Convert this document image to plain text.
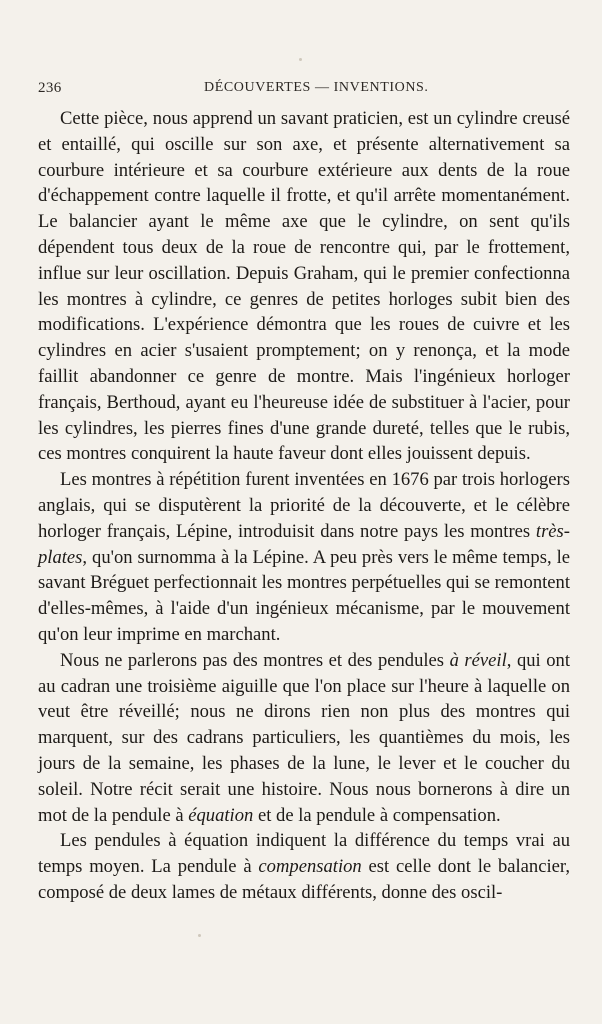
236	DÉCOUVERTES — INVENTIONS.

Cette pièce, nous apprend un savant praticien, est un cylindre creusé et entaillé, qui oscille sur son axe, et présente alternativement sa courbure intérieure et sa courbure extérieure aux dents de la roue d'échappement contre laquelle il frotte, et qu'il arrête momentanément. Le balancier ayant le même axe que le cylindre, on sent qu'ils dépendent tous deux de la roue de rencontre qui, par le frottement, influe sur leur oscillation. Depuis Graham, qui le premier confectionna les montres à cylindre, ce genres de petites horloges subit bien des modifications. L'expérience démontra que les roues de cuivre et les cylindres en acier s'usaient promptement; on y renonça, et la mode faillit abandonner ce genre de montre. Mais l'ingénieux horloger français, Berthoud, ayant eu l'heureuse idée de substituer à l'acier, pour les cylindres, les pierres fines d'une grande dureté, telles que le rubis, ces montres conquirent la haute faveur dont elles jouissent depuis.

Les montres à répétition furent inventées en 1676 par trois horlogers anglais, qui se disputèrent la priorité de la découverte, et le célèbre horloger français, Lépine, introduisit dans notre pays les montres très-plates, qu'on surnomma à la Lépine. A peu près vers le même temps, le savant Bréguet perfectionnait les montres perpétuelles qui se remontent d'elles-mêmes, à l'aide d'un ingénieux mécanisme, par le mouvement qu'on leur imprime en marchant.

Nous ne parlerons pas des montres et des pendules à réveil, qui ont au cadran une troisième aiguille que l'on place sur l'heure à laquelle on veut être réveillé; nous ne dirons rien non plus des montres qui marquent, sur des cadrans particuliers, les quantièmes du mois, les jours de la semaine, les phases de la lune, le lever et le coucher du soleil. Notre récit serait une histoire. Nous nous bornerons à dire un mot de la pendule à équation et de la pendule à compensation.

Les pendules à équation indiquent la différence du temps vrai au temps moyen. La pendule à compensation est celle dont le balancier, composé de deux lames de métaux différents, donne des oscil-
